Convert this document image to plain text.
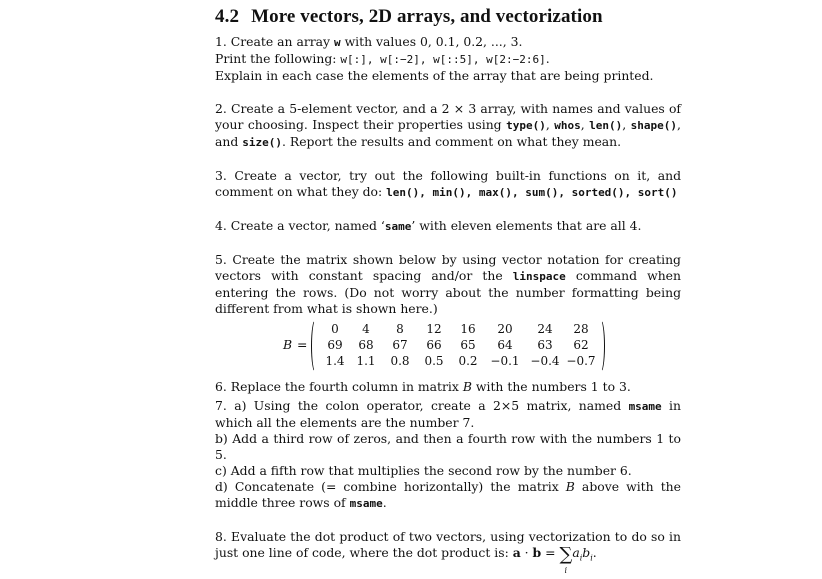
4.2 More vectors, 2D arrays, and vectorization

1. Create an array w with values 0, 0.1, 0.2, ..., 3.

Print the following: w[:], w[:−2], w[::5], w[2:−2:6].

Explain in each case the elements of the array that are being printed.

2. Create a 5-element vector, and a 2 × 3 array, with names and values of your choosing. Inspect their properties using type(), whos, len(), shape(), and size(). Report the results and comment on what they mean.

3. Create a vector, try out the following built-in functions on it, and comment on what they do: len(), min(), max(), sum(), sorted(), sort()

4. Create a vector, named ‘same’ with eleven elements that are all 4.

5. Create the matrix shown below by using vector notation for creating vectors with constant spacing and/or the linspace command when entering the rows. (Do not worry about the number formatting being different from what is shown here.)

B =
0	4	8	12	16	20	24	28
69	68	67	66	65	64	63	62
1.4	1.1	0.8	0.5	0.2	−0.1	−0.4	−0.7

6. Replace the fourth column in matrix B with the numbers 1 to 3.

7. a) Using the colon operator, create a 2×5 matrix, named msame in which all the elements are the number 7.

b) Add a third row of zeros, and then a fourth row with the numbers 1 to 5.

c) Add a fifth row that multiplies the second row by the number 6.

d) Concatenate (= combine horizontally) the matrix B above with the middle three rows of msame.

8. Evaluate the dot product of two vectors, using vectorization to do so in just one line of code, where the dot product is: a · b = ∑
i
$a_ib_i$.
